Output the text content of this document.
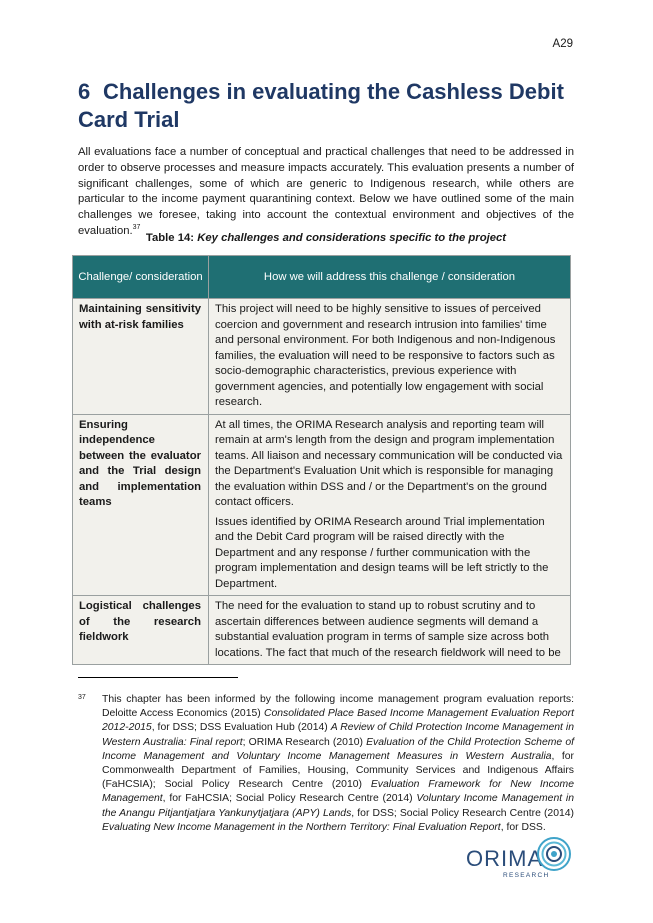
A29
6 Challenges in evaluating the Cashless Debit Card Trial

All evaluations face a number of conceptual and practical challenges that need to be addressed in order to observe processes and measure impacts accurately. This evaluation presents a number of significant challenges, some of which are generic to Indigenous research, while others are particular to the income payment quarantining context. Below we have outlined some of the main challenges we foresee, taking into account the contextual environment and objectives of the evaluation.$^{37}$

Table 14: Key challenges and considerations specific to the project

Challenge/ consideration	How we will address this challenge / consideration
Maintaining sensitivity with at-risk families	This project will need to be highly sensitive to issues of perceived coercion and government and research intrusion into families' time and personal environment. For both Indigenous and non-Indigenous families, the evaluation will need to be responsive to factors such as socio-demographic characteristics, previous experience with government agencies, and potentially low engagement with social research.

Ensuring independence between the evaluator and the Trial design and implementation teams	At all times, the ORIMA Research analysis and reporting team will remain at arm's length from the design and program implementation teams. All liaison and necessary communication will be conducted via the Department's Evaluation Unit which is responsible for managing the evaluation within DSS and / or the Department's on the ground contact officers.

Issues identified by ORIMA Research around Trial implementation and the Debit Card program will be raised directly with the Department and any response / further communication with the program implementation and design teams will be left strictly to the Department.

Logistical challenges of the research fieldwork	The need for the evaluation to stand up to robust scrutiny and to ascertain differences between audience segments will demand a substantial evaluation program in terms of sample size across both locations. The fact that much of the research fieldwork will need to be

37 This chapter has been informed by the following income management program evaluation reports: Deloitte Access Economics (2015) Consolidated Place Based Income Management Evaluation Report 2012-2015, for DSS; DSS Evaluation Hub (2014) A Review of Child Protection Income Management in Western Australia: Final report; ORIMA Research (2010) Evaluation of the Child Protection Scheme of Income Management and Voluntary Income Management Measures in Western Australia, for Commonwealth Department of Families, Housing, Community Services and Indigenous Affairs (FaHCSIA); Social Policy Research Centre (2010) Evaluation Framework for New Income Management, for FaHCSIA; Social Policy Research Centre (2014) Voluntary Income Management in the Anangu Pitjantjatjara Yankunytjatjara (APY) Lands, for DSS; Social Policy Research Centre (2014) Evaluating New Income Management in the Northern Territory: Final Evaluation Report, for DSS.
ORIMA
RESEARCH
